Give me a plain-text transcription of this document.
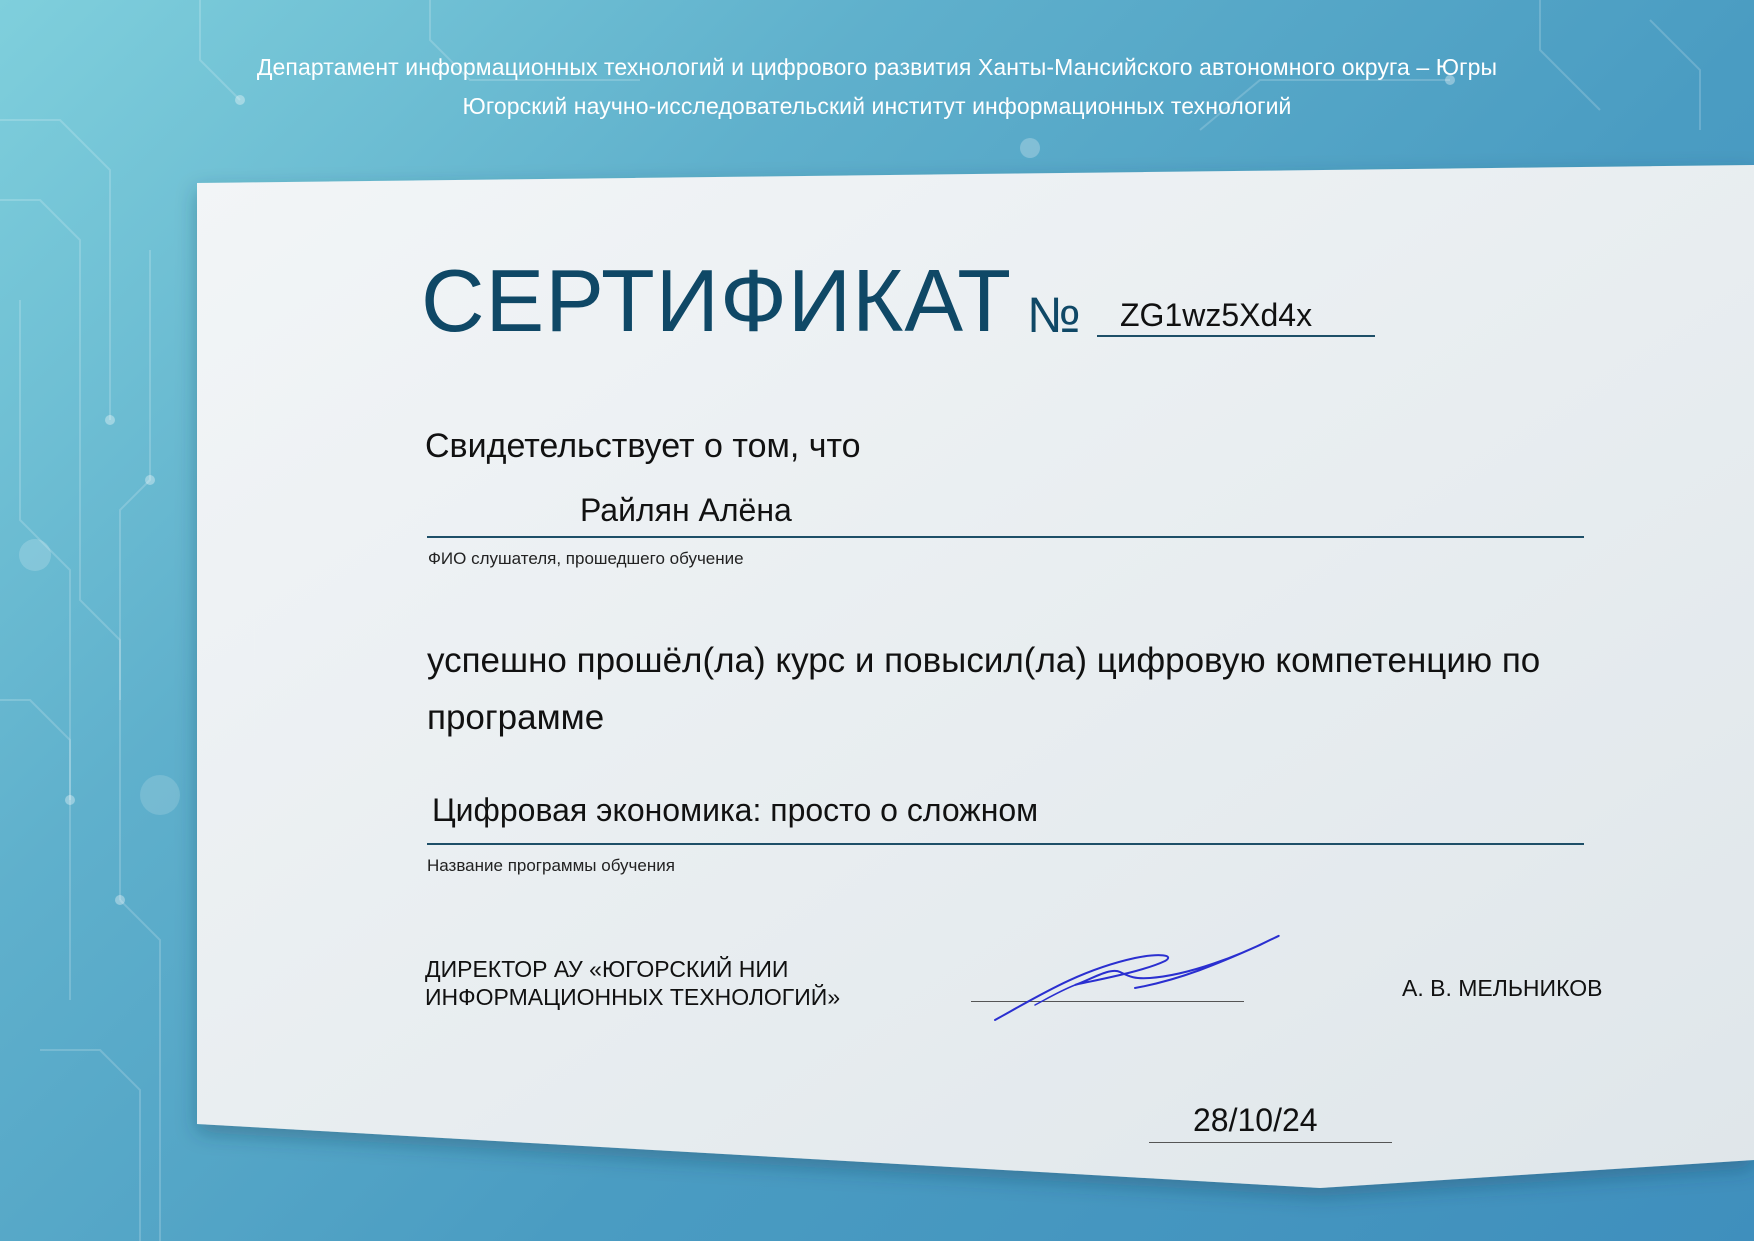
Департамент информационных технологий и цифрового развития Ханты-Мансийского автономного округа – Югры
Югорский научно-исследовательский институт информационных технологий
СЕРТИФИКАТ № ZG1wz5Xd4x
Свидетельствует о том, что
Райлян Алёна
ФИО слушателя, прошедшего обучение
успешно прошёл(ла) курс и повысил(ла) цифровую компетенцию по программе
Цифровая экономика: просто о сложном
Название программы обучения
ДИРЕКТОР АУ «ЮГОРСКИЙ НИИ
ИНФОРМАЦИОННЫХ ТЕХНОЛОГИЙ»	А. В. МЕЛЬНИКОВ
28/10/24
